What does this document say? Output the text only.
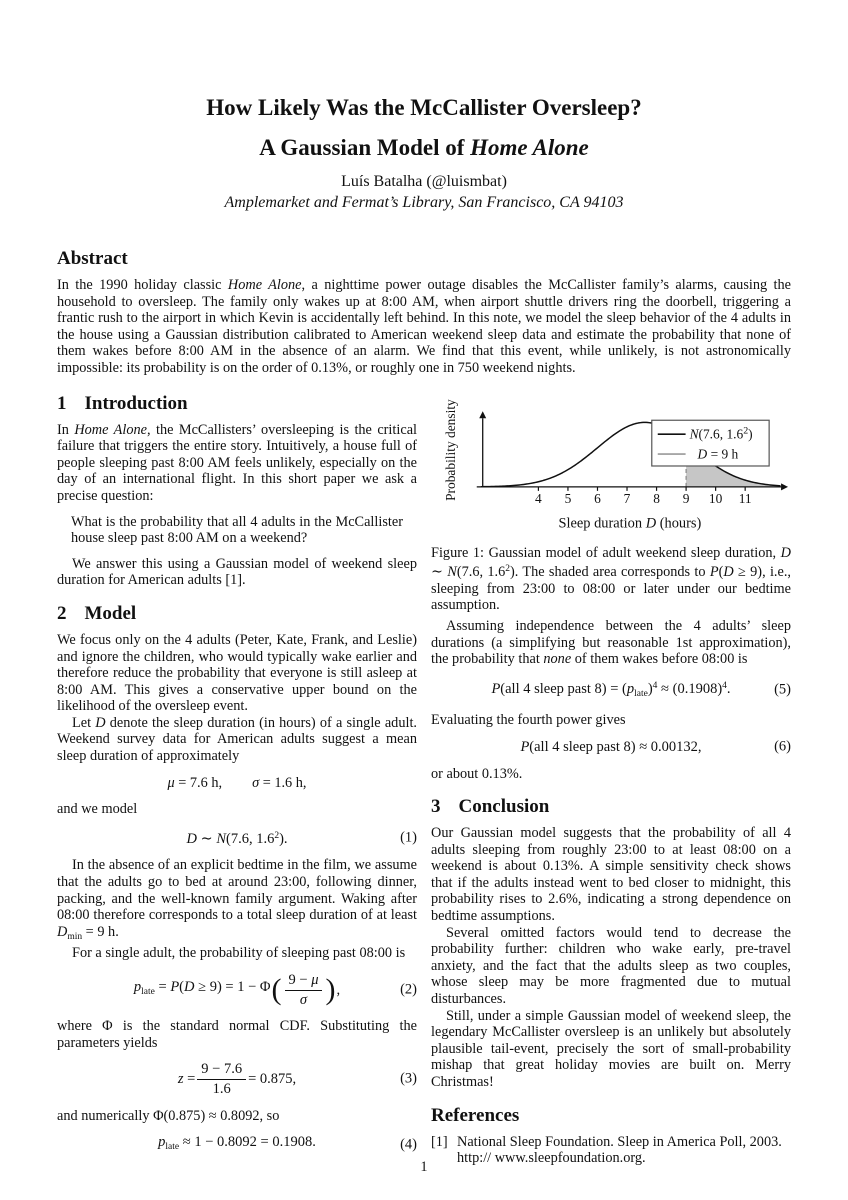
How Likely Was the McCallister Oversleep?
A Gaussian Model of Home Alone
Luís Batalha (@luismbat)
Amplemarket and Fermat’s Library, San Francisco, CA 94103
Abstract
In the 1990 holiday classic Home Alone, a nighttime power outage disables the McCallister family’s alarms, causing the household to oversleep. The family only wakes up at 8:00 AM, when airport shuttle drivers ring the doorbell, triggering a frantic rush to the airport in which Kevin is accidentally left behind. In this note, we model the sleep behavior of the 4 adults in the house using a Gaussian distribution calibrated to American weekend sleep data and estimate the probability that none of them wakes before 8:00 AM in the absence of an alarm. We find that this event, while unlikely, is not astronomically impossible: its probability is on the order of 0.13%, or roughly one in 750 weekend nights.
1 Introduction

In Home Alone, the McCallisters’ oversleeping is the critical failure that triggers the entire story. Intuitively, a house full of people sleeping past 8:00 AM feels unlikely, especially on the day of an international flight. In this short paper we ask a precise question:

What is the probability that all 4 adults in the McCallister house sleep past 8:00 AM on a weekend?

We answer this using a Gaussian model of weekend sleep duration for American adults [1].

2 Model

We focus only on the 4 adults (Peter, Kate, Frank, and Leslie) and ignore the children, who would typically wake earlier and therefore reduce the probability that everyone is still asleep at 8:00 AM. This gives a conservative upper bound on the likelihood of the oversleep event.

Let D denote the sleep duration (in hours) of a single adult. Weekend survey data for American adults suggest a mean sleep duration of approximately

μ = 7.6 h, σ = 1.6 h,

and we model

D ∼ N(7.6, $1.6^2$).	(1)

In the absence of an explicit bedtime in the film, we assume that the adults go to bed at around 23:00, following dinner, packing, and the well-known family argument. Waking after 08:00 therefore corresponds to a total sleep duration of at least $D_{min} = 9$ h.

For a single adult, the probability of sleeping past 08:00 is

$p_{late} = P(D \ge 9) = 1 - \Phi$ ( $\frac{9 - \mu}{\sigma}$ ) ,	(2)

where Φ is the standard normal CDF. Substituting the parameters yields

$z = \frac{9 - 7.6}{1.6} = 0.875$,	(3)

and numerically Φ(0.875) ≈ 0.8092, so

$p_{late} \approx 1 - 0.8092 = 0.1908$.	(4)
4 5 6 7 8 9 10 11
N(7.6, $1.6^2$)
D = 9 h
Probability density
Sleep duration D (hours)
Figure 1: Gaussian model of adult weekend sleep duration, D ∼ N(7.6, $1.6^2$). The shaded area corresponds to P(D ≥ 9), i.e., sleeping from 23:00 to 08:00 or later under our bedtime assumption.

Assuming independence between the 4 adults’ sleep durations (a simplifying but reasonable 1st approximation), the probability that none of them wakes before 08:00 is

P(all 4 sleep past $8) = (p_{late})^4 \approx (0.1908)^4$.	(5)

Evaluating the fourth power gives

P(all 4 sleep past 8) ≈ 0.00132,	(6)

or about 0.13%.

3 Conclusion

Our Gaussian model suggests that the probability of all 4 adults sleeping from roughly 23:00 to at least 08:00 on a weekend is about 0.13%. A simple sensitivity check shows that if the adults instead went to bed closer to midnight, this probability rises to 2.6%, indicating a strong dependence on bedtime assumptions.

Several omitted factors would tend to decrease the probability further: children who wake early, pre-travel anxiety, and the fact that the adults sleep as two couples, whose sleep may be more fragmented due to mutual disturbances.

Still, under a simple Gaussian model of weekend sleep, the legendary McCallister oversleep is an unlikely but absolutely plausible tail-event, precisely the sort of small-probability mishap that great holiday movies are built on. Merry Christmas!

References
[1] National Sleep Foundation. Sleep in America Poll, 2003. http:// www.sleepfoundation.org.
1
